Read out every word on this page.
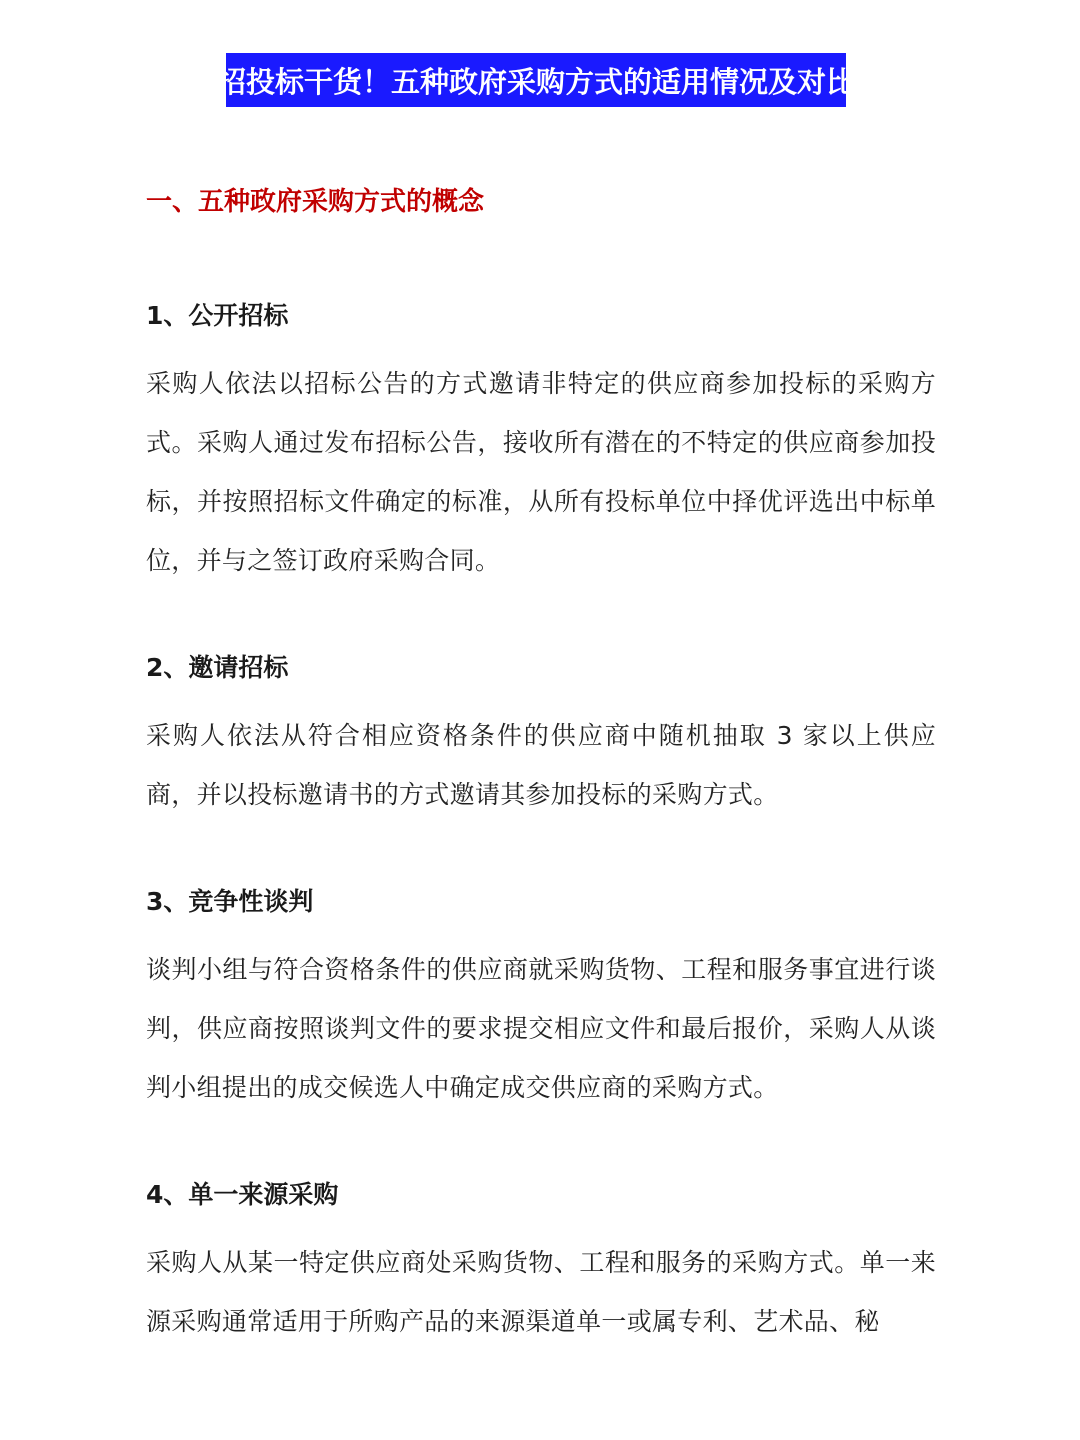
招投标干货！五种政府采购方式的适用情况及对比
一、五种政府采购方式的概念
1、公开招标

采购人依法以招标公告的方式邀请非特定的供应商参加投标的采购方式。采购人通过发布招标公告，接收所有潜在的不特定的供应商参加投标，并按照招标文件确定的标准，从所有投标单位中择优评选出中标单位，并与之签订政府采购合同。

2、邀请招标

采购人依法从符合相应资格条件的供应商中随机抽取 3 家以上供应商，并以投标邀请书的方式邀请其参加投标的采购方式。

3、竞争性谈判

谈判小组与符合资格条件的供应商就采购货物、工程和服务事宜进行谈判，供应商按照谈判文件的要求提交相应文件和最后报价，采购人从谈判小组提出的成交候选人中确定成交供应商的采购方式。

4、单一来源采购

采购人从某一特定供应商处采购货物、工程和服务的采购方式。单一来源采购通常适用于所购产品的来源渠道单一或属专利、艺术品、秘
